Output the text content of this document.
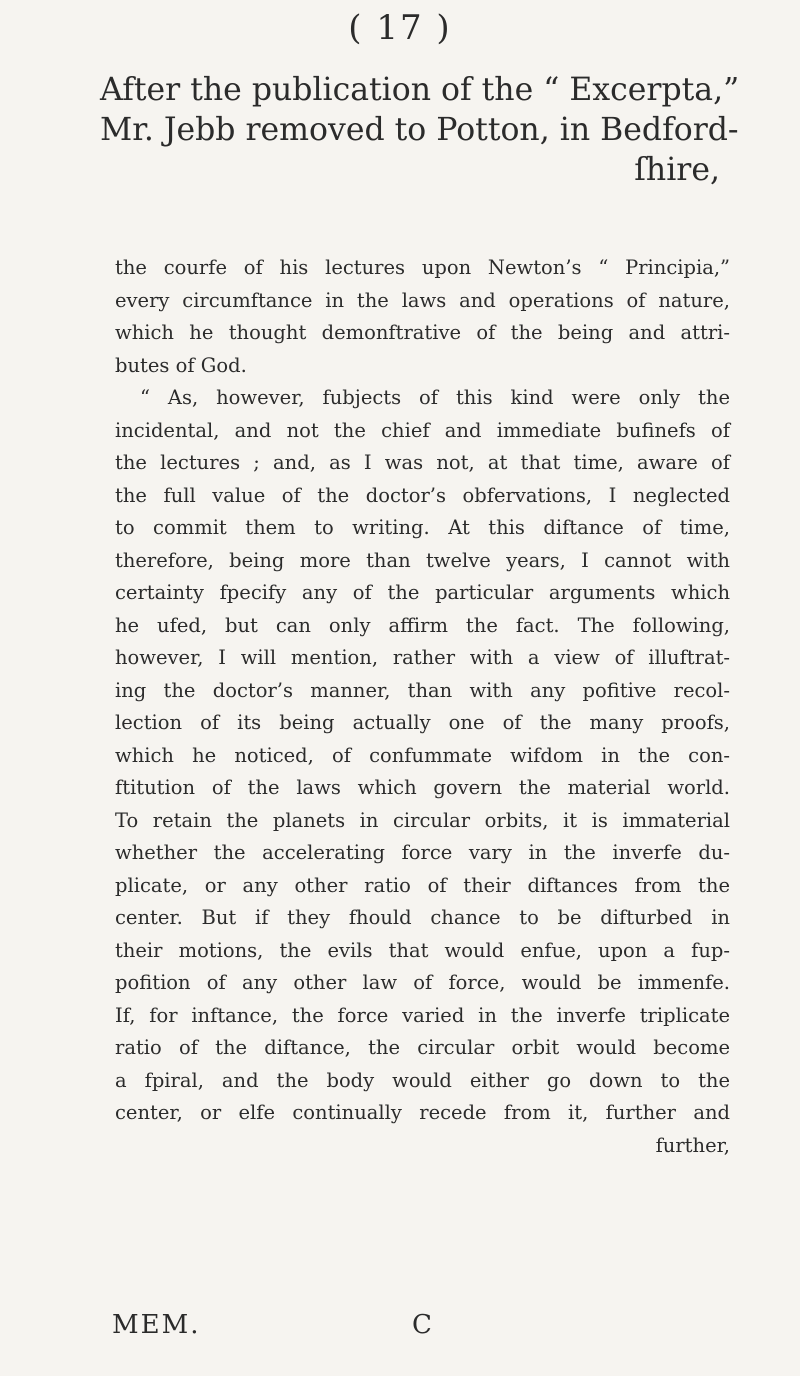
( 17 )
After the publication of the “ Excerpta,”
Mr. Jebb removed to Potton, in Bedford-
ſhire,
the courfe of his lectures upon Newton’s “ Principia,”
every circumftance in the laws and operations of nature,
which he thought demonftrative of the being and attri-
butes of God.
“ As, however, fubjects of this kind were only the
incidental, and not the chief and immediate bufinefs of
the lectures ; and, as I was not, at that time, aware of
the full value of the doctor’s obfervations, I neglected
to commit them to writing. At this diftance of time,
therefore, being more than twelve years, I cannot with
certainty fpecify any of the particular arguments which
he ufed, but can only affirm the fact. The following,
however, I will mention, rather with a view of illuftrat-
ing the doctor’s manner, than with any pofitive recol-
lection of its being actually one of the many proofs,
which he noticed, of confummate wifdom in the con-
ftitution of the laws which govern the material world.
To retain the planets in circular orbits, it is immaterial
whether the accelerating force vary in the inverfe du-
plicate, or any other ratio of their diftances from the
center. But if they fhould chance to be difturbed in
their motions, the evils that would enfue, upon a fup-
pofition of any other law of force, would be immenfe.
If, for inftance, the force varied in the inverfe triplicate
ratio of the diftance, the circular orbit would become
a fpiral, and the body would either go down to the
center, or elfe continually recede from it, further and
further,
MEM.	C
